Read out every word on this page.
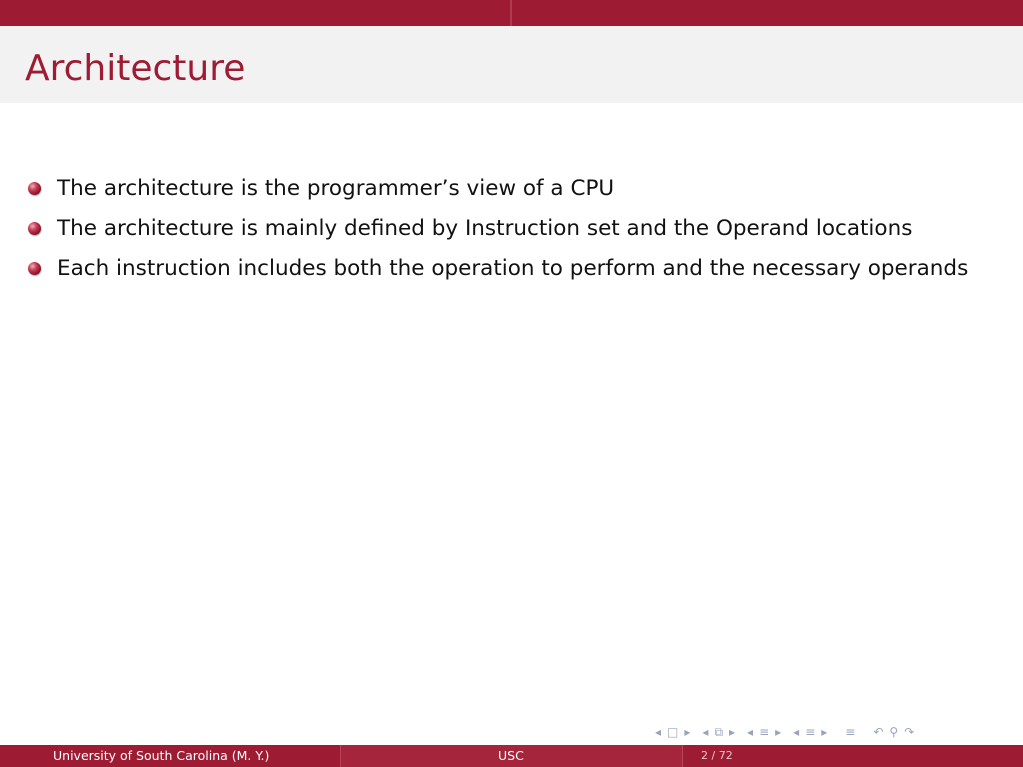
Architecture
The architecture is the programmer’s view of a CPU
The architecture is mainly defined by Instruction set and the Operand locations
Each instruction includes both the operation to perform and the necessary operands
◂ □ ▸ ◂ ⧉ ▸ ◂ ≡ ▸ ◂ ≡ ▸ ≡ ↶ ⚲ ↷
University of South Carolina (M. Y.)	USC	2 / 72
